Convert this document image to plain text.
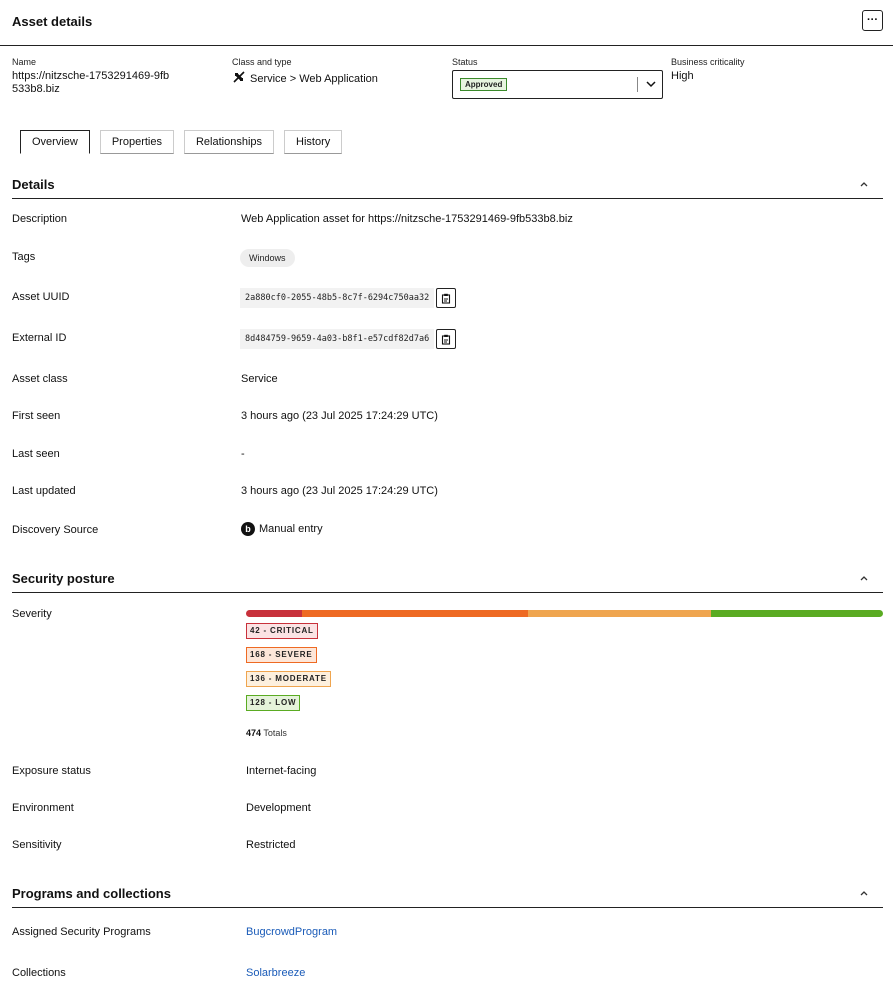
Asset details	···
Name
https://nitzsche-1753291469-9fb533b8.biz
Class and type
Service > Web Application
Status
Approved
Business criticality
High
Overview	Properties	Relationships	History
Details
Description	Web Application asset for https://nitzsche-1753291469-9fb533b8.biz
Tags	Windows
Asset UUID	2a880cf0-2055-48b5-8c7f-6294c750aa32
External ID	8d484759-9659-4a03-b8f1-e57cdf82d7a6
Asset class	Service
First seen	3 hours ago (23 Jul 2025 17:24:29 UTC)
Last seen	-
Last updated	3 hours ago (23 Jul 2025 17:24:29 UTC)
Discovery Source	b Manual entry
Security posture
Severity
42 - CRITICAL
168 - SEVERE
136 - MODERATE
128 - LOW
474 Totals
Exposure status	Internet-facing
Environment	Development
Sensitivity	Restricted
Programs and collections
Assigned Security Programs	BugcrowdProgram
Collections	Solarbreeze
